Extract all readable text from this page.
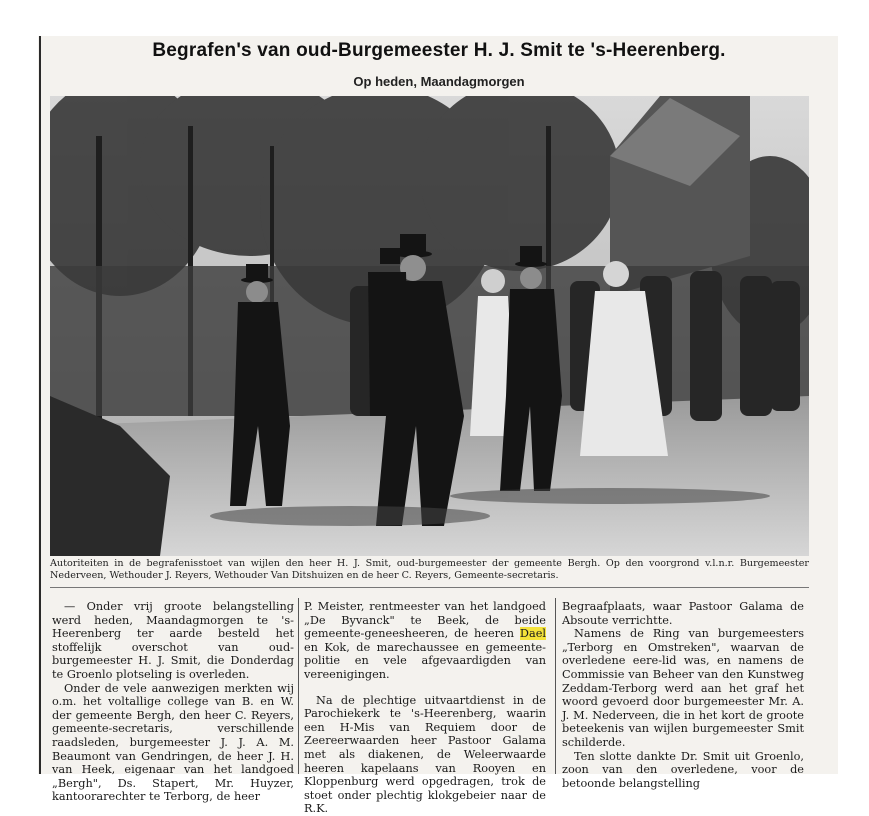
Begrafen's van oud-Burgemeester H. J. Smit te 's-Heerenberg.
Op heden, Maandagmorgen
Autoriteiten in de begrafenisstoet van wijlen den heer H. J. Smit, oud-burgemeester der gemeente Bergh. Op den voorgrond v.l.n.r. Burgemeester Nederveen, Wethouder J. Reyers, Wethouder Van Ditshuizen en de heer C. Reyers, Gemeente-secretaris.

— Onder vrij groote belangstelling werd heden, Maandagmorgen te 's-Heerenberg ter aarde besteld het stoffelijk overschot van oud-burgemeester H. J. Smit, die Donderdag te Groenlo plotseling is overleden.

Onder de vele aanwezigen merkten wij o.m. het voltallige college van B. en W. der gemeente Bergh, den heer C. Reyers, gemeente-secretaris, verschillende raadsleden, burgemeester J. J. A. M. Beaumont van Gendringen, de heer J. H. van Heek, eigenaar van het landgoed „Bergh", Ds. Stapert, Mr. Huyzer, kantoorarechter te Terborg, de heer

P. Meister, rentmeester van het landgoed „De Byvanck" te Beek, de beide gemeente-geneesheeren, de heeren Dael en Kok, de marechaussee en gemeente-politie en vele afgevaardigden van vereenigingen.

Na de plechtige uitvaartdienst in de Parochiekerk te 's-Heerenberg, waarin een H-Mis van Requiem door de Zeereerwaarden heer Pastoor Galama met als diakenen, de Weleerwaarde heeren kapelaans van Rooyen en Kloppenburg werd opgedragen, trok de stoet onder plechtig klokgebeier naar de R.K.

Begraafplaats, waar Pastoor Galama de Absoute verrichtte.

Namens de Ring van burgemeesters „Terborg en Omstreken", waarvan de overledene eere-lid was, en namens de Commissie van Beheer van den Kunstweg Zeddam-Terborg werd aan het graf het woord gevoerd door burgemeester Mr. A. J. M. Nederveen, die in het kort de groote beteekenis van wijlen burgemeester Smit schilderde.

Ten slotte dankte Dr. Smit uit Groenlo, zoon van den overledene, voor de betoonde belangstelling
